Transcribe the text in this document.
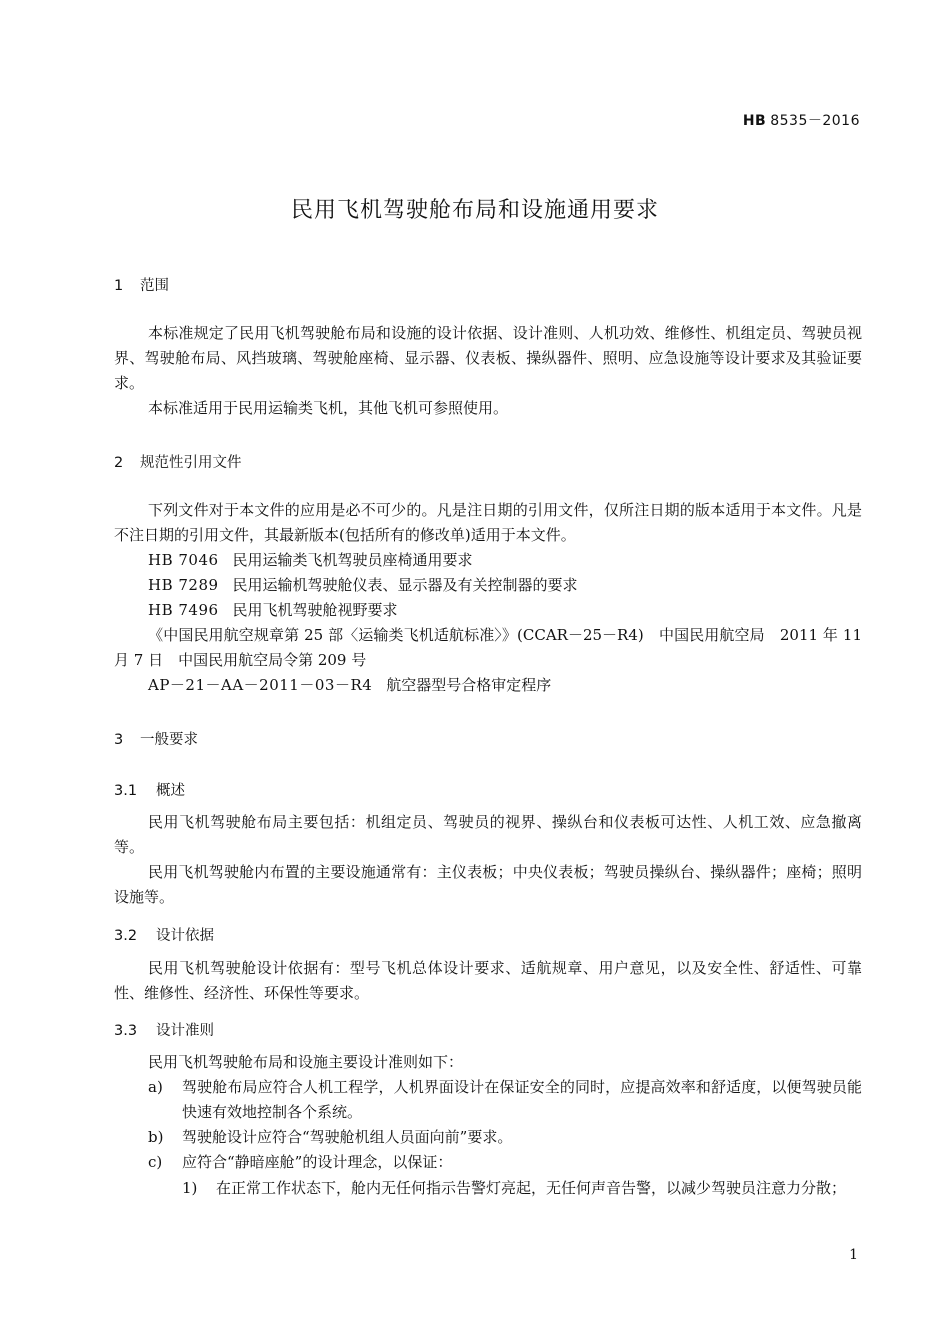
HB 8535－2016
民用飞机驾驶舱布局和设施通用要求
1 范围
本标准规定了民用飞机驾驶舱布局和设施的设计依据、设计准则、人机功效、维修性、机组定员、驾驶员视界、驾驶舱布局、风挡玻璃、驾驶舱座椅、显示器、仪表板、操纵器件、照明、应急设施等设计要求及其验证要求。
本标准适用于民用运输类飞机，其他飞机可参照使用。
2 规范性引用文件
下列文件对于本文件的应用是必不可少的。凡是注日期的引用文件，仅所注日期的版本适用于本文件。凡是不注日期的引用文件，其最新版本(包括所有的修改单)适用于本文件。
HB 7046 民用运输类飞机驾驶员座椅通用要求
HB 7289 民用运输机驾驶舱仪表、显示器及有关控制器的要求
HB 7496 民用飞机驾驶舱视野要求
《中国民用航空规章第 25 部〈运输类飞机适航标准〉》(CCAR－25－R4)　中国民用航空局　2011 年 11 月 7 日　中国民用航空局令第 209 号
AP－21－AA－2011－03－R4 航空器型号合格审定程序
3 一般要求
3.1 概述
民用飞机驾驶舱布局主要包括：机组定员、驾驶员的视界、操纵台和仪表板可达性、人机工效、应急撤离等。
民用飞机驾驶舱内布置的主要设施通常有：主仪表板；中央仪表板；驾驶员操纵台、操纵器件；座椅；照明设施等。
3.2 设计依据
民用飞机驾驶舱设计依据有：型号飞机总体设计要求、适航规章、用户意见，以及安全性、舒适性、可靠性、维修性、经济性、环保性等要求。
3.3 设计准则
民用飞机驾驶舱布局和设施主要设计准则如下：
a) 驾驶舱布局应符合人机工程学，人机界面设计在保证安全的同时，应提高效率和舒适度，以便驾驶员能快速有效地控制各个系统。
b) 驾驶舱设计应符合“驾驶舱机组人员面向前”要求。
c) 应符合“静暗座舱”的设计理念，以保证：
1) 在正常工作状态下，舱内无任何指示告警灯亮起，无任何声音告警，以减少驾驶员注意力分散；
1
